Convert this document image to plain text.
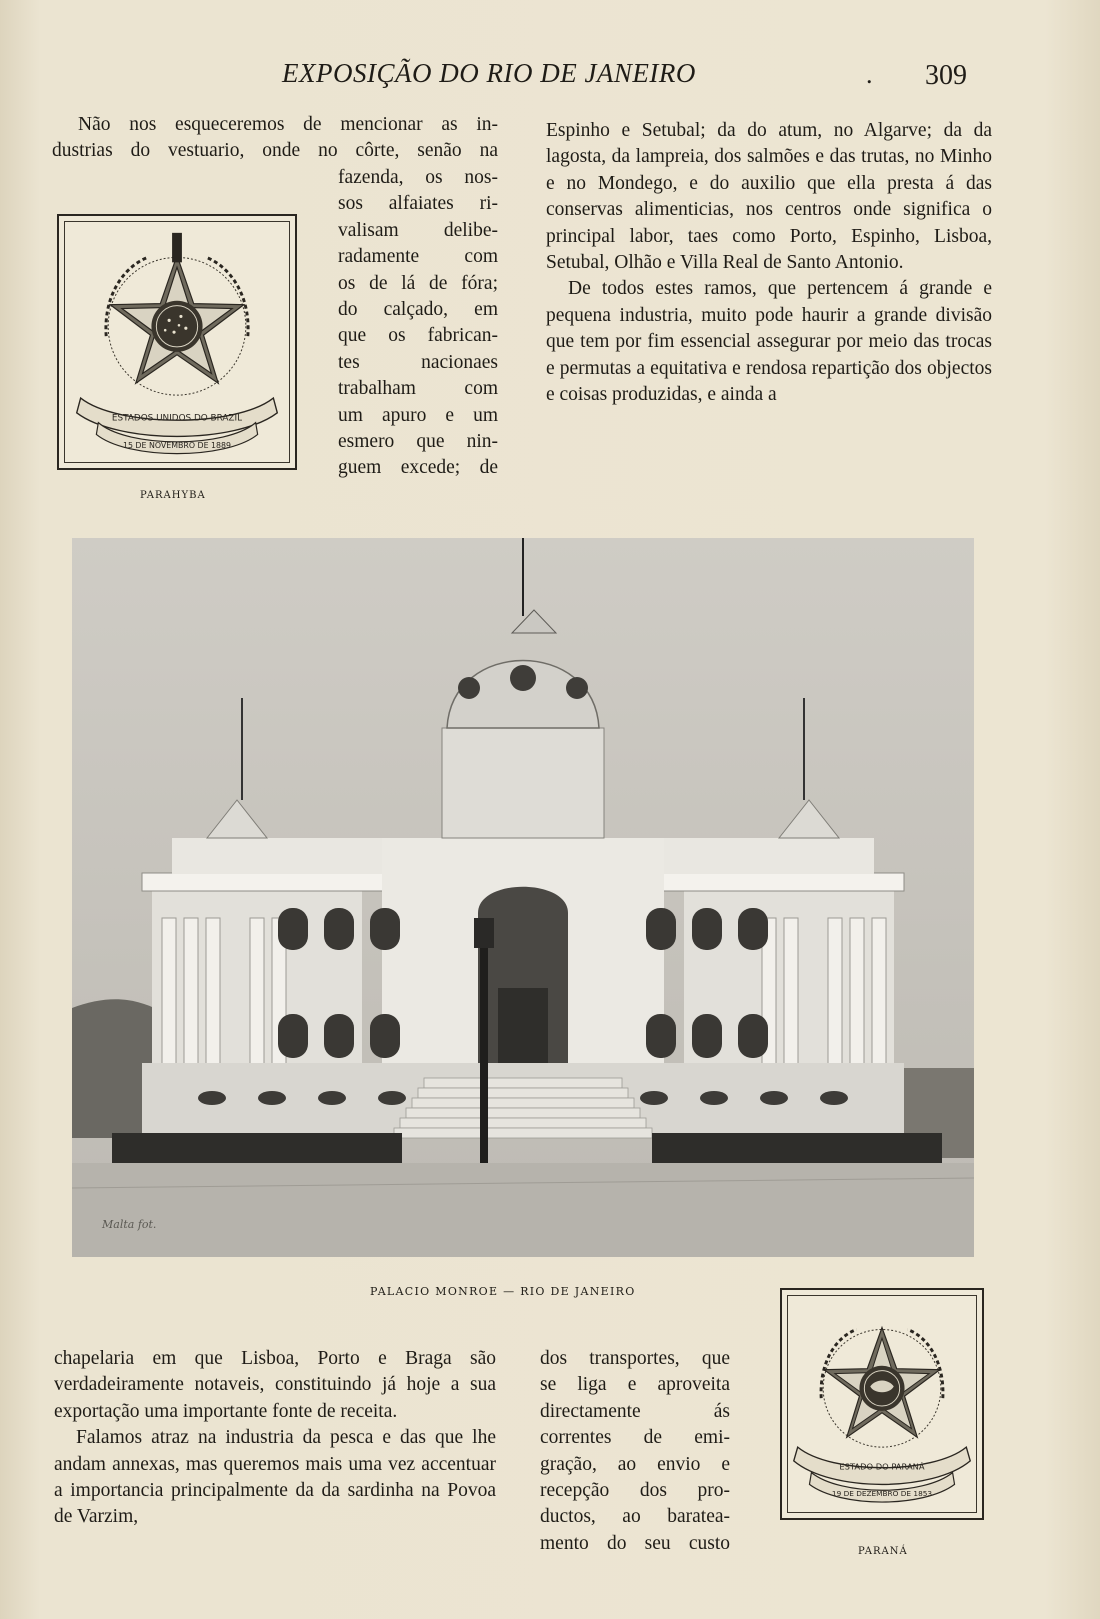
EXPOSIÇÃO DO RIO DE JANEIRO	. 309
Não nos esqueceremos de mencionar as in-
dustrias do vestuario, onde no côrte, senão na
fazenda, os nos-
sos alfaiates ri-
valisam delibe-
radamente com
os de lá de fóra;
do calçado, em
que os fabrican-
tes nacionaes
trabalham com
um apuro e um
esmero que nin-
guem excede; de
ESTADOS UNIDOS DO BRAZIL
15 DE NOVEMBRO DE 1889
PARAHYBA

Espinho e Setubal; da do atum, no Algarve; da da lagosta, da lampreia, dos salmões e das trutas, no Minho e no Mondego, e do auxilio que ella presta á das conservas alimenticias, nos centros onde significa o principal labor, taes como Porto, Espinho, Lisboa, Setubal, Olhão e Villa Real de Santo Antonio.

De todos estes ramos, que pertencem á grande e pequena industria, muito pode haurir a grande divisão que tem por fim essencial assegurar por meio das trocas e permutas a equitativa e rendosa repartição dos objectos e coisas produzidas, e ainda a

Malta fot.
PALACIO MONROE — RIO DE JANEIRO

chapelaria em que Lisboa, Porto e Braga são verdadeiramente notaveis, constituindo já hoje a sua exportação uma importante fonte de receita.

Falamos atraz na industria da pesca e das que lhe andam annexas, mas queremos mais uma vez accentuar a importancia principalmente da da sardinha na Povoa de Varzim,

dos transportes, que
se liga e aproveita
directamente ás
correntes de emi-
gração, ao envio e
recepção dos pro-
ductos, ao baratea-
mento do seu custo
ESTADO DO PARANÁ
19 DE DEZEMBRO DE 1853
PARANÁ
